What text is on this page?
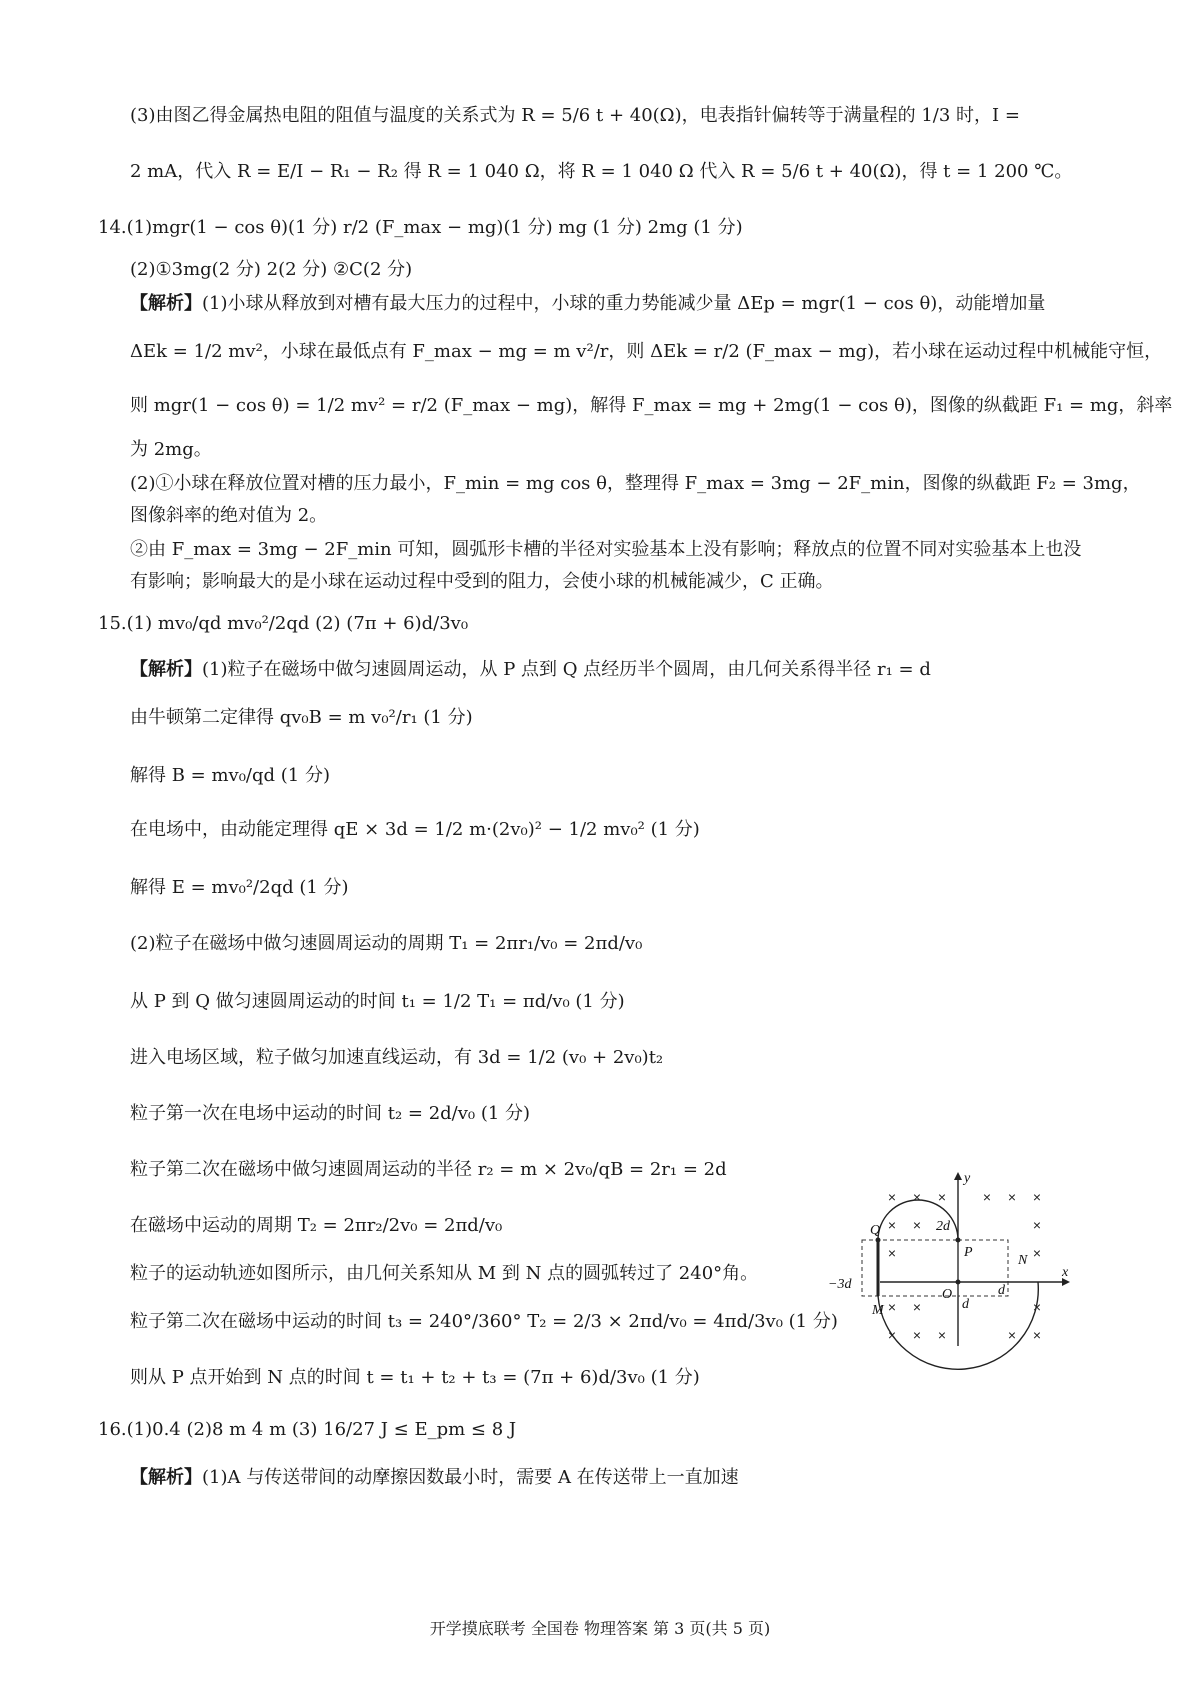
(3)由图乙得金属热电阻的阻值与温度的关系式为 R = 5/6 t + 40(Ω)，电表指针偏转等于满量程的 1/3 时，I =
2 mA，代入 R = E/I − R₁ − R₂ 得 R = 1 040 Ω，将 R = 1 040 Ω 代入 R = 5/6 t + 40(Ω)，得 t = 1 200 ℃。
14.(1)mgr(1 − cos θ)(1 分) r/2 (F_max − mg)(1 分) mg (1 分) 2mg (1 分)
(2)①3mg(2 分) 2(2 分) ②C(2 分)
【解析】(1)小球从释放到对槽有最大压力的过程中，小球的重力势能减少量 ΔEp = mgr(1 − cos θ)，动能增加量
ΔEk = 1/2 mv²，小球在最低点有 F_max − mg = m v²/r，则 ΔEk = r/2 (F_max − mg)，若小球在运动过程中机械能守恒，
则 mgr(1 − cos θ) = 1/2 mv² = r/2 (F_max − mg)，解得 F_max = mg + 2mg(1 − cos θ)，图像的纵截距 F₁ = mg，斜率
为 2mg。
(2)①小球在释放位置对槽的压力最小，F_min = mg cos θ，整理得 F_max = 3mg − 2F_min，图像的纵截距 F₂ = 3mg，
图像斜率的绝对值为 2。
②由 F_max = 3mg − 2F_min 可知，圆弧形卡槽的半径对实验基本上没有影响；释放点的位置不同对实验基本上也没
有影响；影响最大的是小球在运动过程中受到的阻力，会使小球的机械能减少，C 正确。
15.(1) mv₀/qd mv₀²/2qd (2) (7π + 6)d/3v₀
【解析】(1)粒子在磁场中做匀速圆周运动，从 P 点到 Q 点经历半个圆周，由几何关系得半径 r₁ = d
由牛顿第二定律得 qv₀B = m v₀²/r₁ (1 分)
解得 B = mv₀/qd (1 分)
在电场中，由动能定理得 qE × 3d = 1/2 m·(2v₀)² − 1/2 mv₀² (1 分)
解得 E = mv₀²/2qd (1 分)
(2)粒子在磁场中做匀速圆周运动的周期 T₁ = 2πr₁/v₀ = 2πd/v₀
从 P 到 Q 做匀速圆周运动的时间 t₁ = 1/2 T₁ = πd/v₀ (1 分)
进入电场区域，粒子做匀加速直线运动，有 3d = 1/2 (v₀ + 2v₀)t₂
粒子第一次在电场中运动的时间 t₂ = 2d/v₀ (1 分)
粒子第二次在磁场中做匀速圆周运动的半径 r₂ = m × 2v₀/qB = 2r₁ = 2d
在磁场中运动的周期 T₂ = 2πr₂/2v₀ = 2πd/v₀
粒子的运动轨迹如图所示，由几何关系知从 M 到 N 点的圆弧转过了 240°角。
粒子第二次在磁场中运动的时间 t₃ = 240°/360° T₂ = 2/3 × 2πd/v₀ = 4πd/3v₀ (1 分)
则从 P 点开始到 N 点的时间 t = t₁ + t₂ + t₃ = (7π + 6)d/3v₀ (1 分)
16.(1)0.4 (2)8 m 4 m (3) 16/27 J ≤ E_pm ≤ 8 J
【解析】(1)A 与传送带间的动摩擦因数最小时，需要 A 在传送带上一直加速
× × ×	× × ×
× ×	×
×	×
× ×	×
× × ×	× ×
y
x
Q
P
N
O
M
2d
−3d	d
d
开学摸底联考 全国卷 物理答案 第 3 页(共 5 页)
